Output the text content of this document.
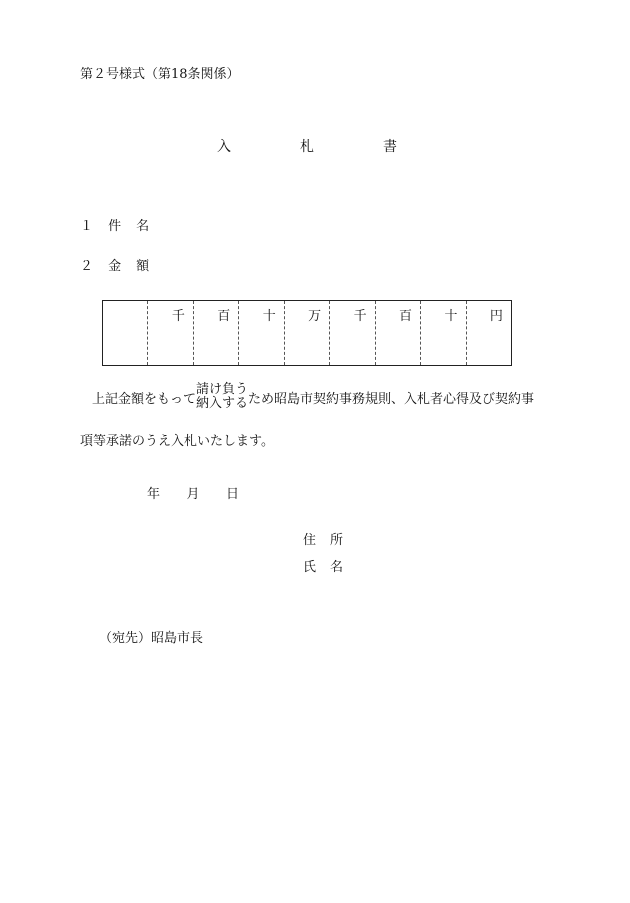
第２号様式（第18条関係）
入	札	書
１ 件 名
２ 金 額
千 百 十 万 千 百 十 円
上記金額をもって
請け負う
納入する ため昭島市契約事務規則、入札者心得及び契約事
項等承諾のうえ入札いたします。
年 月 日
住 所
氏 名
（宛先）昭島市長
